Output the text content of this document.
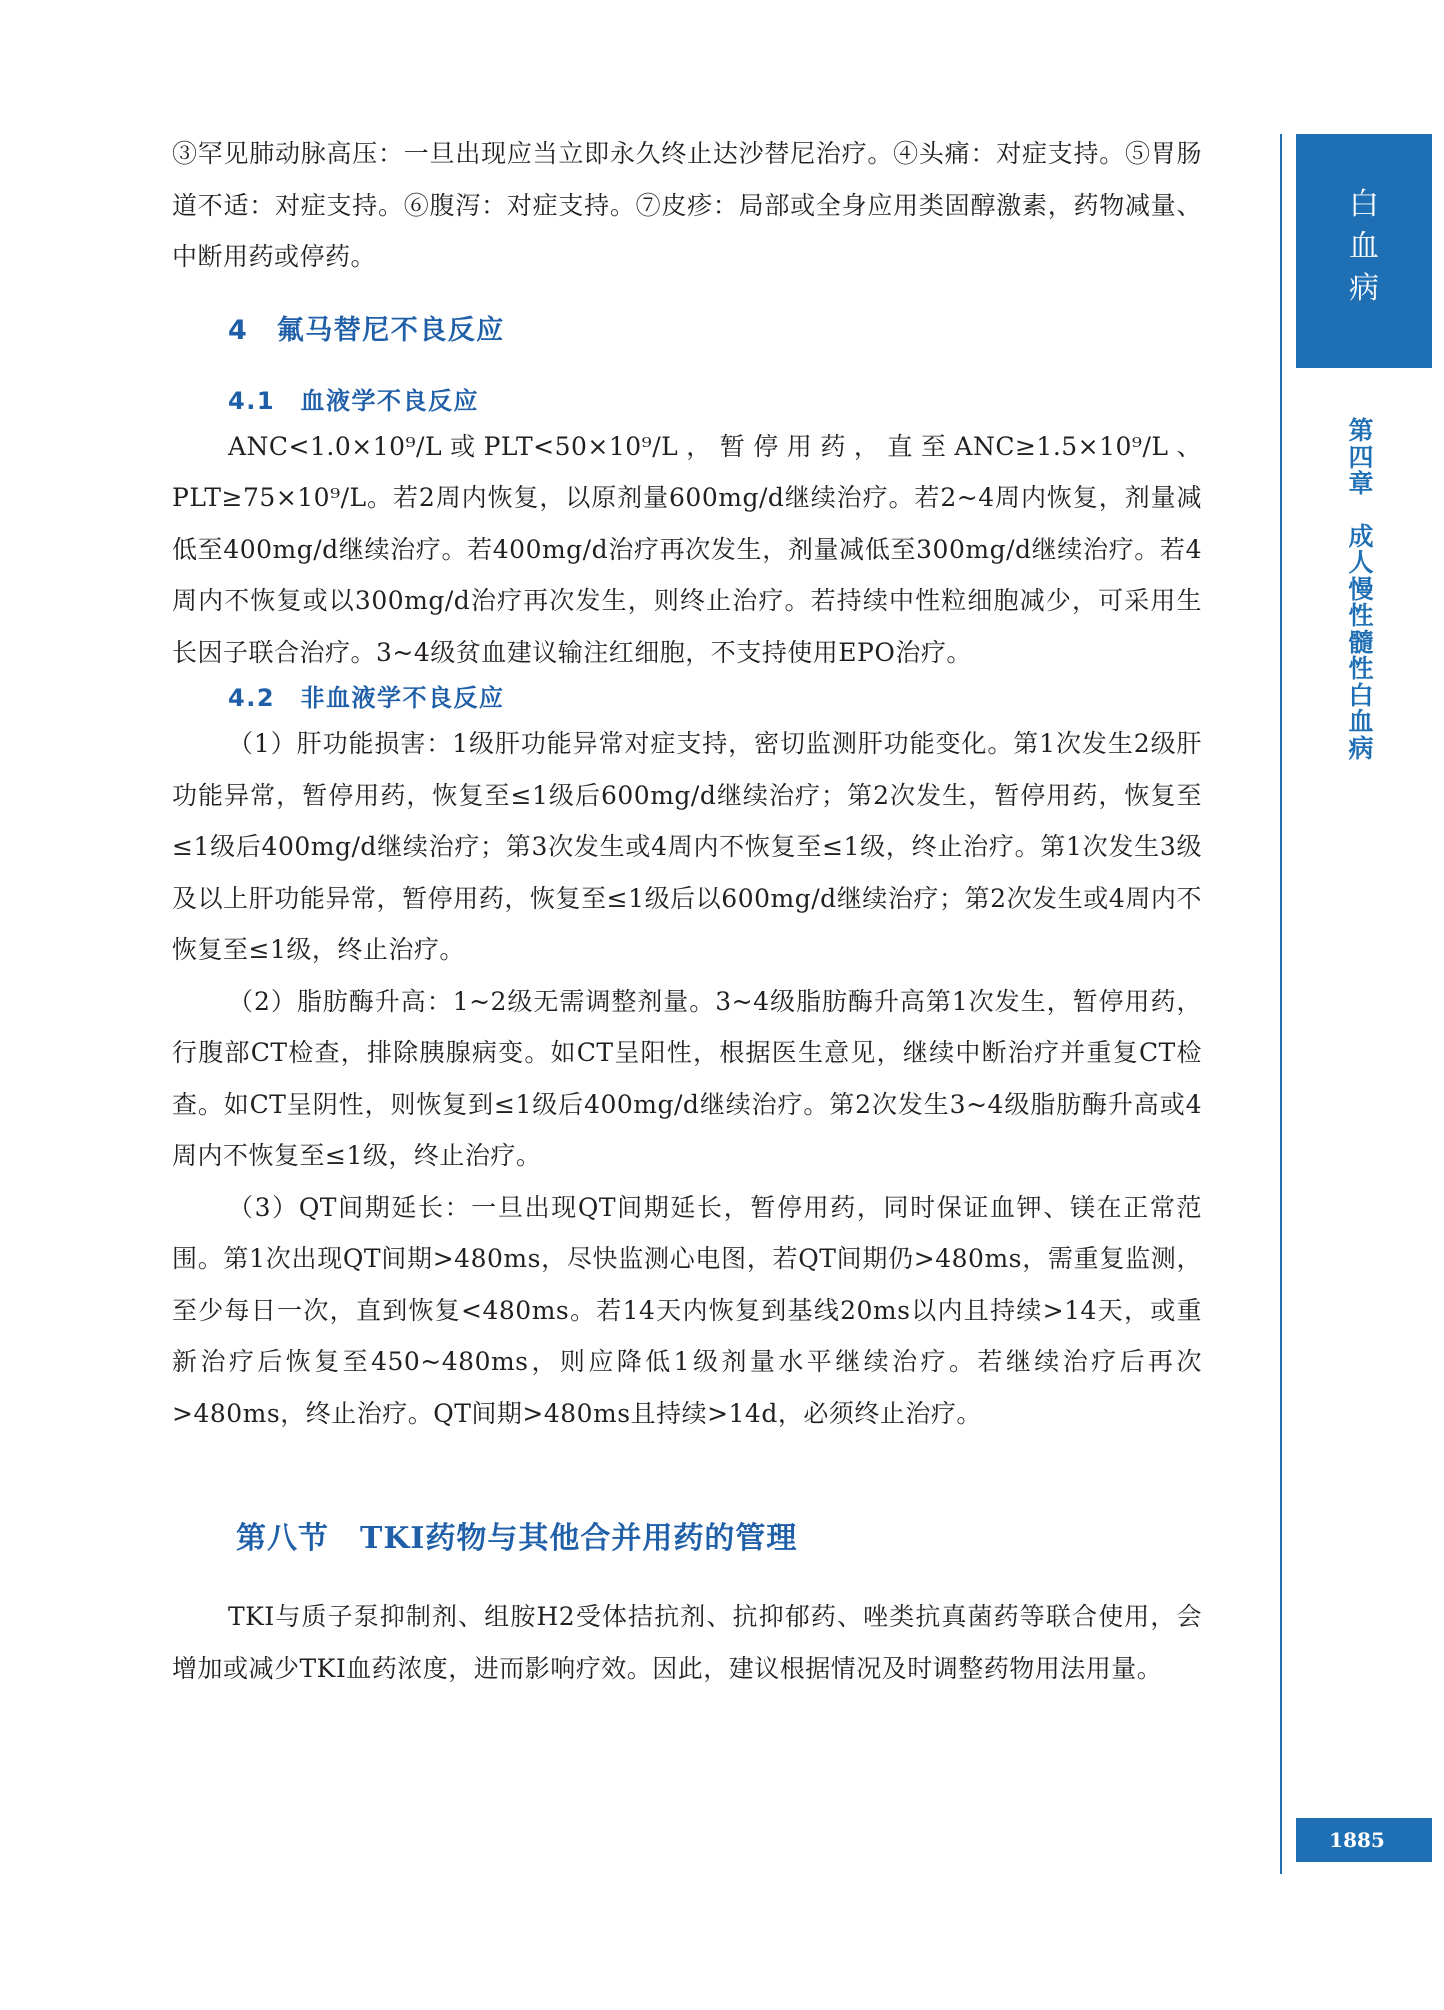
③罕见肺动脉高压：一旦出现应当立即永久终止达沙替尼治疗。④头痛：对症支持。⑤胃肠道不适：对症支持。⑥腹泻：对症支持。⑦皮疹：局部或全身应用类固醇激素，药物减量、中断用药或停药。

4　氟马替尼不良反应
4.1　血液学不良反应

ANC<1.0×10⁹/L或PLT<50×10⁹/L，暂停用药，直至ANC≥1.5×10⁹/L、PLT≥75×10⁹/L。若2周内恢复，以原剂量600mg/d继续治疗。若2~4周内恢复，剂量减低至400mg/d继续治疗。若400mg/d治疗再次发生，剂量减低至300mg/d继续治疗。若4周内不恢复或以300mg/d治疗再次发生，则终止治疗。若持续中性粒细胞减少，可采用生长因子联合治疗。3~4级贫血建议输注红细胞，不支持使用EPO治疗。

4.2　非血液学不良反应

（1）肝功能损害：1级肝功能异常对症支持，密切监测肝功能变化。第1次发生2级肝功能异常，暂停用药，恢复至≤1级后600mg/d继续治疗；第2次发生，暂停用药，恢复至≤1级后400mg/d继续治疗；第3次发生或4周内不恢复至≤1级，终止治疗。第1次发生3级及以上肝功能异常，暂停用药，恢复至≤1级后以600mg/d继续治疗；第2次发生或4周内不恢复至≤1级，终止治疗。

（2）脂肪酶升高：1~2级无需调整剂量。3~4级脂肪酶升高第1次发生，暂停用药，行腹部CT检查，排除胰腺病变。如CT呈阳性，根据医生意见，继续中断治疗并重复CT检查。如CT呈阴性，则恢复到≤1级后400mg/d继续治疗。第2次发生3~4级脂肪酶升高或4周内不恢复至≤1级，终止治疗。

（3）QT间期延长：一旦出现QT间期延长，暂停用药，同时保证血钾、镁在正常范围。第1次出现QT间期>480ms，尽快监测心电图，若QT间期仍>480ms，需重复监测，至少每日一次，直到恢复<480ms。若14天内恢复到基线20ms以内且持续>14天，或重新治疗后恢复至450~480ms，则应降低1级剂量水平继续治疗。若继续治疗后再次>480ms，终止治疗。QT间期>480ms且持续>14d，必须终止治疗。

第八节　TKI药物与其他合并用药的管理

TKI与质子泵抑制剂、组胺H2受体拮抗剂、抗抑郁药、唑类抗真菌药等联合使用，会增加或减少TKI血药浓度，进而影响疗效。因此，建议根据情况及时调整药物用法用量。

白血病
第四章
成人慢性髓性白血病
1885
